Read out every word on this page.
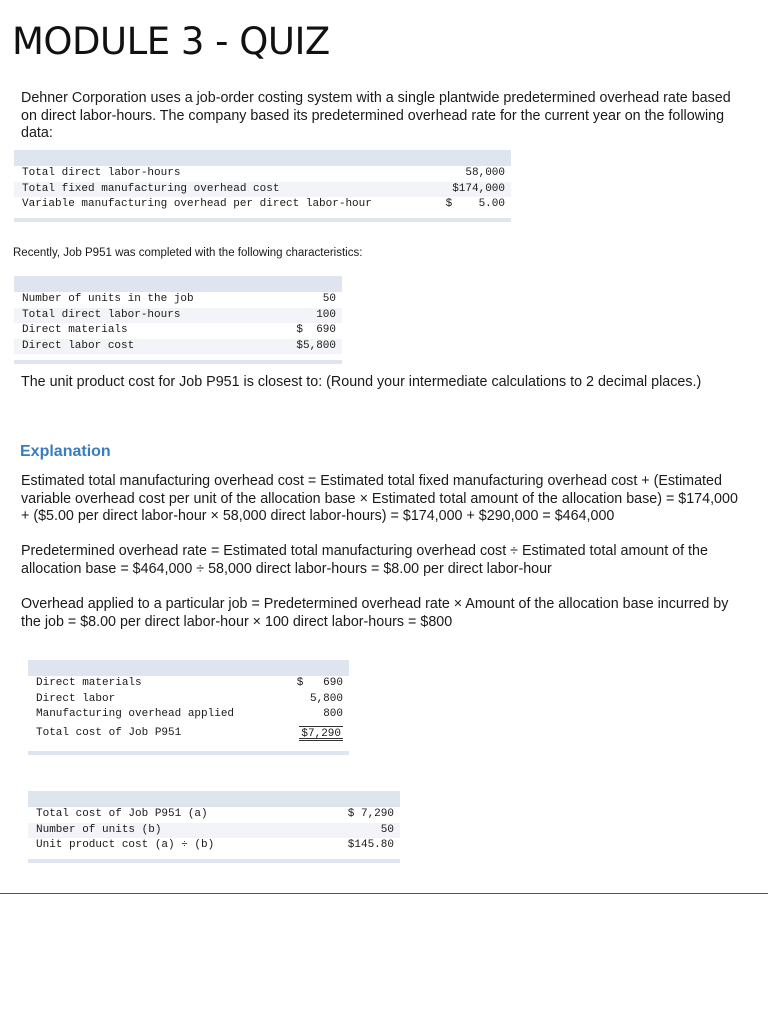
MODULE 3 - QUIZ

Dehner Corporation uses a job-order costing system with a single plantwide predetermined overhead rate based on direct labor-hours. The company based its predetermined overhead rate for the current year on the following data:

Total direct labor-hours	58,000
Total fixed manufacturing overhead cost	$174,000
Variable manufacturing overhead per direct labor-hour	$    5.00

Recently, Job P951 was completed with the following characteristics:

Number of units in the job	50
Total direct labor-hours	100
Direct materials	$  690
Direct labor cost	$5,800

The unit product cost for Job P951 is closest to: (Round your intermediate calculations to 2 decimal places.)

Explanation

Estimated total manufacturing overhead cost = Estimated total fixed manufacturing overhead cost + (Estimated variable overhead cost per unit of the allocation base × Estimated total amount of the allocation base) = $174,000 + ($5.00 per direct labor-hour × 58,000 direct labor-hours) = $174,000 + $290,000 = $464,000

Predetermined overhead rate = Estimated total manufacturing overhead cost ÷ Estimated total amount of the allocation base = $464,000 ÷ 58,000 direct labor-hours = $8.00 per direct labor-hour

Overhead applied to a particular job = Predetermined overhead rate × Amount of the allocation base incurred by the job = $8.00 per direct labor-hour × 100 direct labor-hours = $800

Direct materials	$   690
Direct labor	5,800
Manufacturing overhead applied	800
Total cost of Job P951	$7,290
Total cost of Job P951 (a)	$ 7,290
Number of units (b)	50
Unit product cost (a) ÷ (b)	$145.80
